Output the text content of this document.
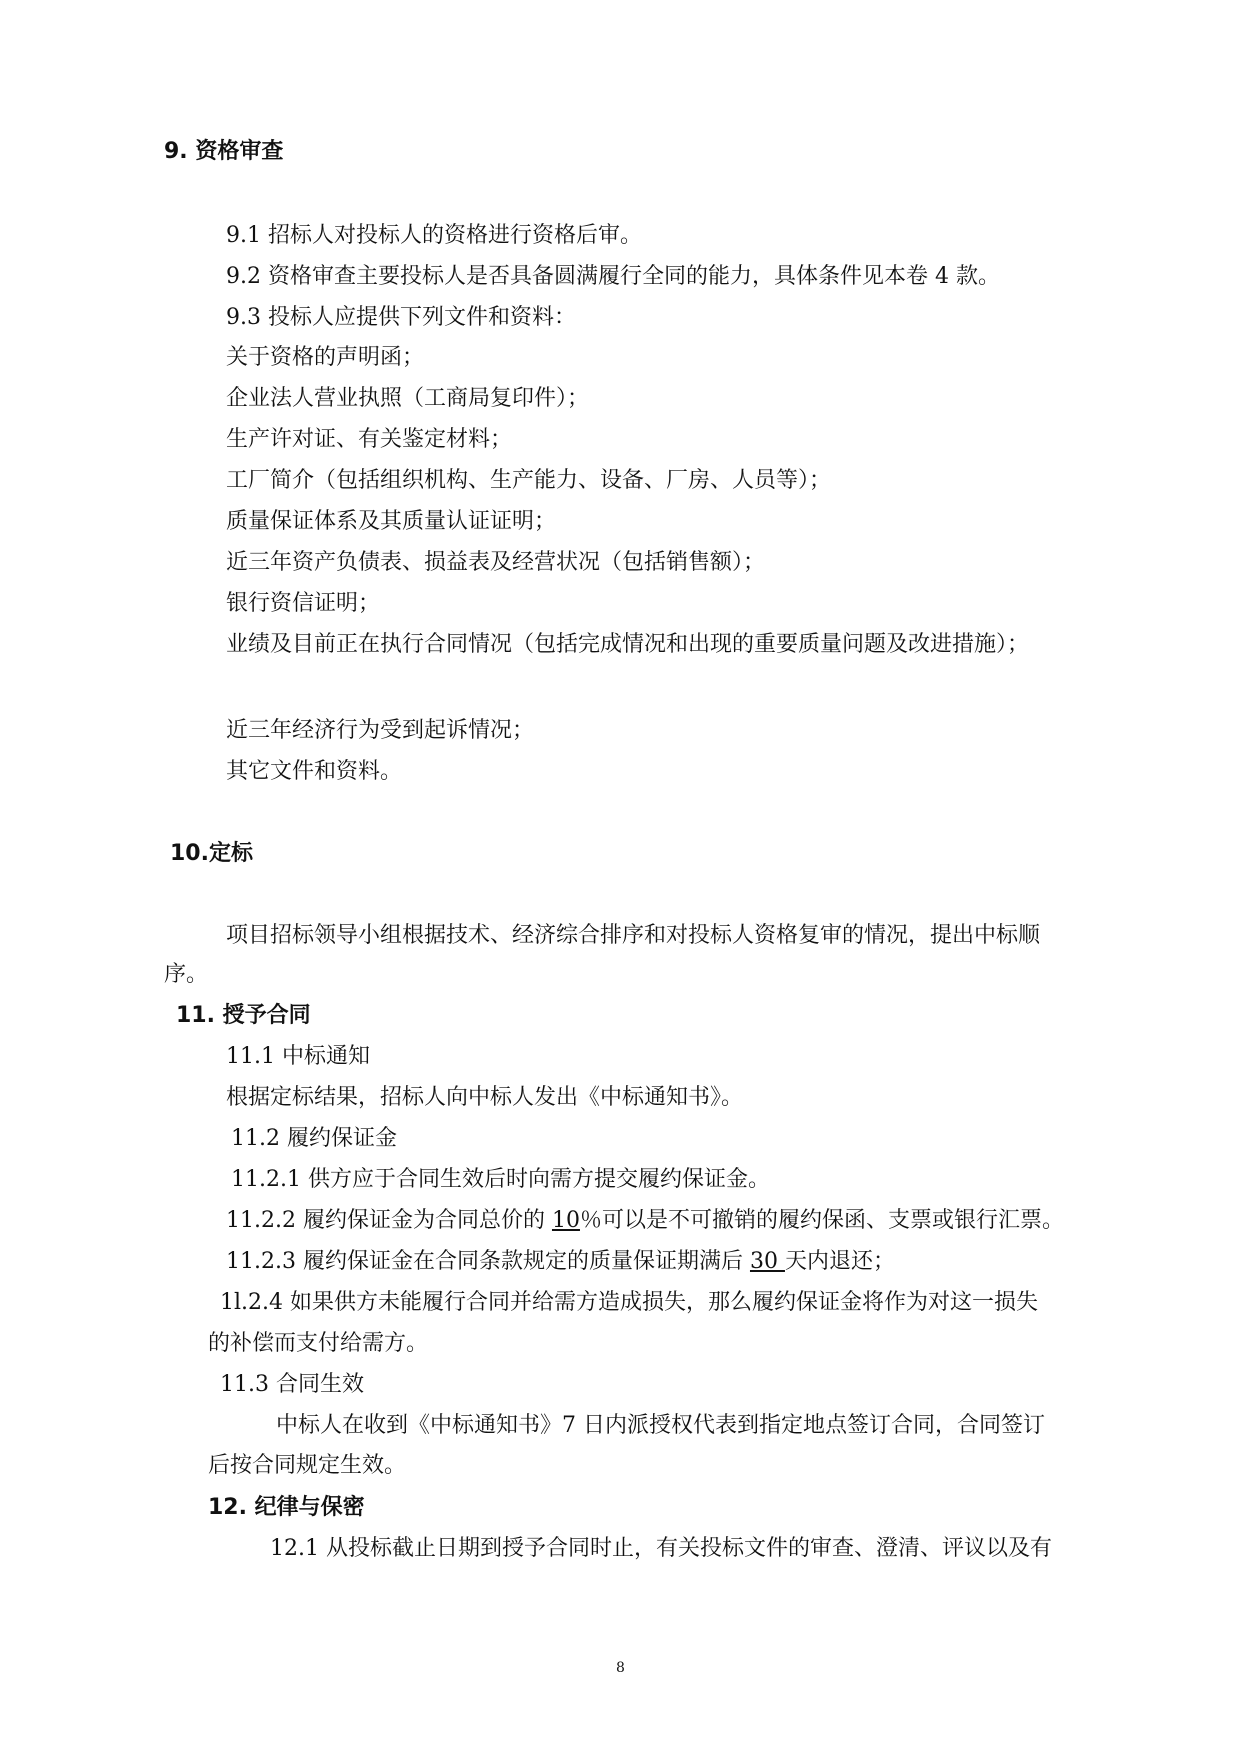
9. 资格审查
9.1 招标人对投标人的资格进行资格后审。
9.2 资格审查主要投标人是否具备圆满履行全同的能力，具体条件见本卷 4 款。
9.3 投标人应提供下列文件和资料：
关于资格的声明函；
企业法人营业执照（工商局复印件）；
生产许对证、有关鉴定材料；
工厂简介（包括组织机构、生产能力、设备、厂房、人员等）；
质量保证体系及其质量认证证明；
近三年资产负债表、损益表及经营状况（包括销售额）；
银行资信证明；
业绩及目前正在执行合同情况（包括完成情况和出现的重要质量问题及改进措施）；
近三年经济行为受到起诉情况；
其它文件和资料。
10.定标
项目招标领导小组根据技术、经济综合排序和对投标人资格复审的情况，提出中标顺
序。
11. 授予合同
11.1 中标通知
根据定标结果，招标人向中标人发出《中标通知书》。
11.2 履约保证金
11.2.1 供方应于合同生效后时向需方提交履约保证金。
11.2.2 履约保证金为合同总价的 10％可以是不可撤销的履约保函、支票或银行汇票。
11.2.3 履约保证金在合同条款规定的质量保证期满后 30 天内退还；
1l.2.4 如果供方未能履行合同并给需方造成损失，那么履约保证金将作为对这一损失
的补偿而支付给需方。
11.3 合同生效
中标人在收到《中标通知书》7 日内派授权代表到指定地点签订合同，合同签订
后按合同规定生效。
12. 纪律与保密
12.1 从投标截止日期到授予合同时止，有关投标文件的审查、澄清、评议以及有
8
